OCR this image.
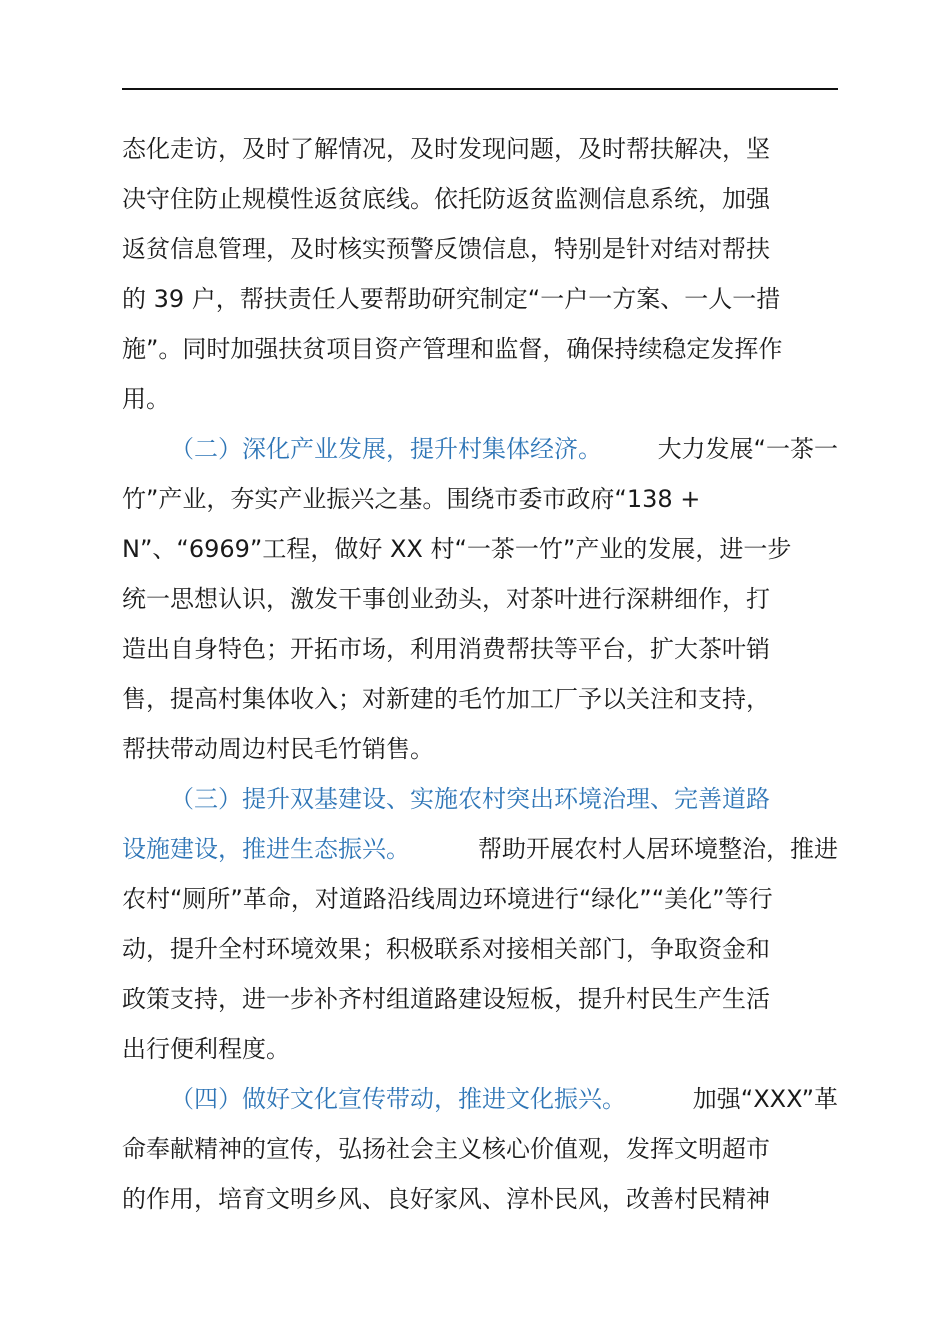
态化走访，及时了解情况，及时发现问题，及时帮扶解决，坚
决守住防止规模性返贫底线。依托防返贫监测信息系统，加强
返贫信息管理，及时核实预警反馈信息，特别是针对结对帮扶
的 39 户，帮扶责任人要帮助研究制定“一户一方案、一人一措
施”。同时加强扶贫项目资产管理和监督，确保持续稳定发挥作
用。
（二）深化产业发展，提升村集体经济。 大力发展“一茶一
竹”产业，夯实产业振兴之基。围绕市委市政府“138 +
N”、“6969”工程，做好 XX 村“一茶一竹”产业的发展，进一步
统一思想认识，激发干事创业劲头，对茶叶进行深耕细作，打
造出自身特色；开拓市场，利用消费帮扶等平台，扩大茶叶销
售，提高村集体收入；对新建的毛竹加工厂予以关注和支持，
帮扶带动周边村民毛竹销售。
（三）提升双基建设、实施农村突出环境治理、完善道路
设施建设，推进生态振兴。	帮助开展农村人居环境整治，推进
农村“厕所”革命，对道路沿线周边环境进行“绿化”“美化”等行
动，提升全村环境效果；积极联系对接相关部门，争取资金和
政策支持，进一步补齐村组道路建设短板，提升村民生产生活
出行便利程度。
（四）做好文化宣传带动，推进文化振兴。	加强“XXX”革
命奉献精神的宣传，弘扬社会主义核心价值观，发挥文明超市
的作用，培育文明乡风、良好家风、淳朴民风，改善村民精神
